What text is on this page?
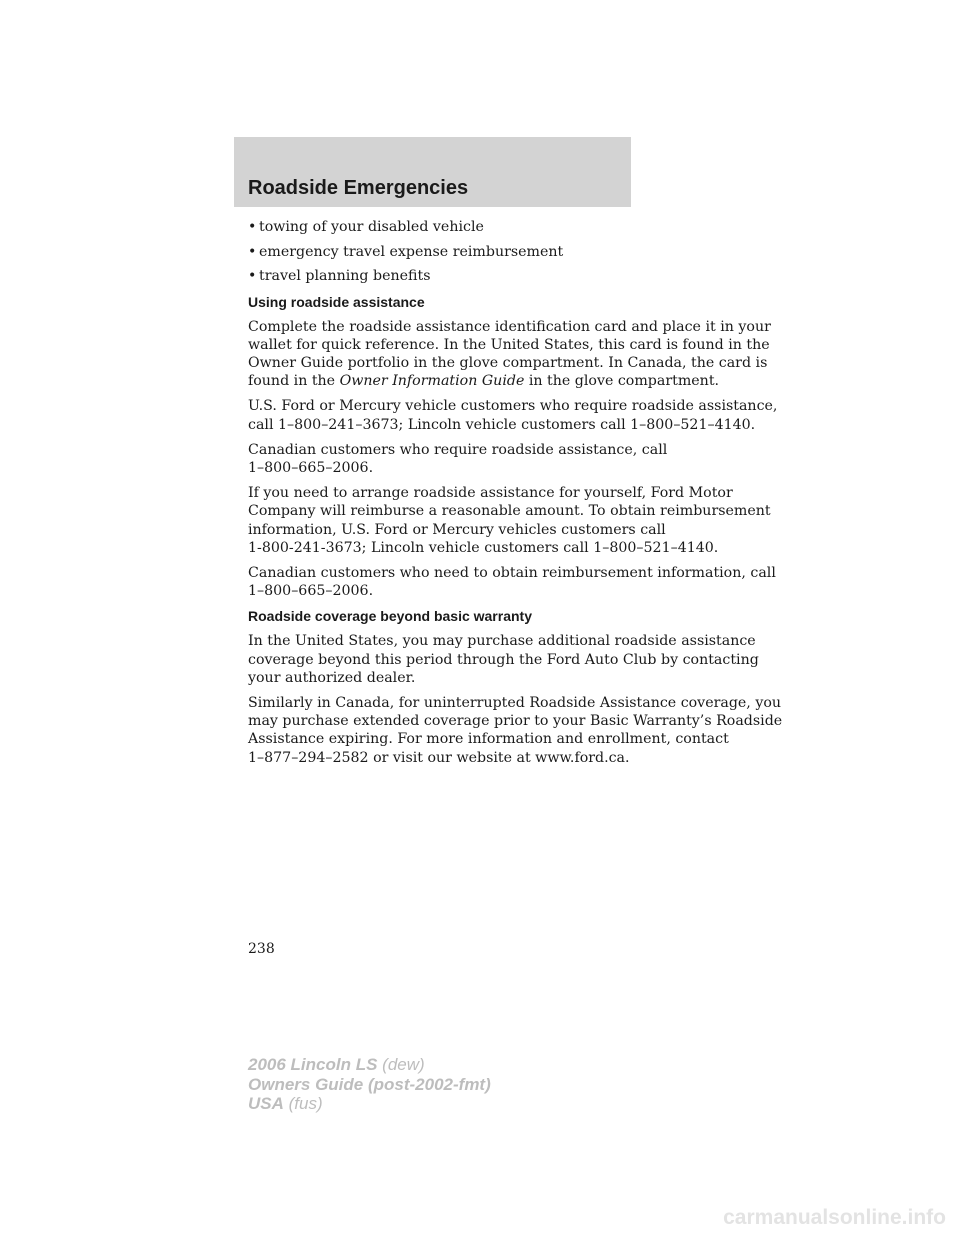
Roadside Emergencies
• towing of your disabled vehicle
• emergency travel expense reimbursement
• travel planning benefits
Using roadside assistance
Complete the roadside assistance identification card and place it in your
wallet for quick reference. In the United States, this card is found in the
Owner Guide portfolio in the glove compartment. In Canada, the card is
found in the Owner Information Guide in the glove compartment.
U.S. Ford or Mercury vehicle customers who require roadside assistance,
call 1–800–241–3673; Lincoln vehicle customers call 1–800–521–4140.
Canadian customers who require roadside assistance, call
1–800–665–2006.
If you need to arrange roadside assistance for yourself, Ford Motor
Company will reimburse a reasonable amount. To obtain reimbursement
information, U.S. Ford or Mercury vehicles customers call
1-800-241-3673; Lincoln vehicle customers call 1–800–521–4140.
Canadian customers who need to obtain reimbursement information, call
1–800–665–2006.
Roadside coverage beyond basic warranty
In the United States, you may purchase additional roadside assistance
coverage beyond this period through the Ford Auto Club by contacting
your authorized dealer.
Similarly in Canada, for uninterrupted Roadside Assistance coverage, you
may purchase extended coverage prior to your Basic Warranty’s Roadside
Assistance expiring. For more information and enrollment, contact
1–877–294–2582 or visit our website at www.ford.ca.
238
2006 Lincoln LS (dew)
Owners Guide (post-2002-fmt)
USA (fus)
carmanualsonline.info
